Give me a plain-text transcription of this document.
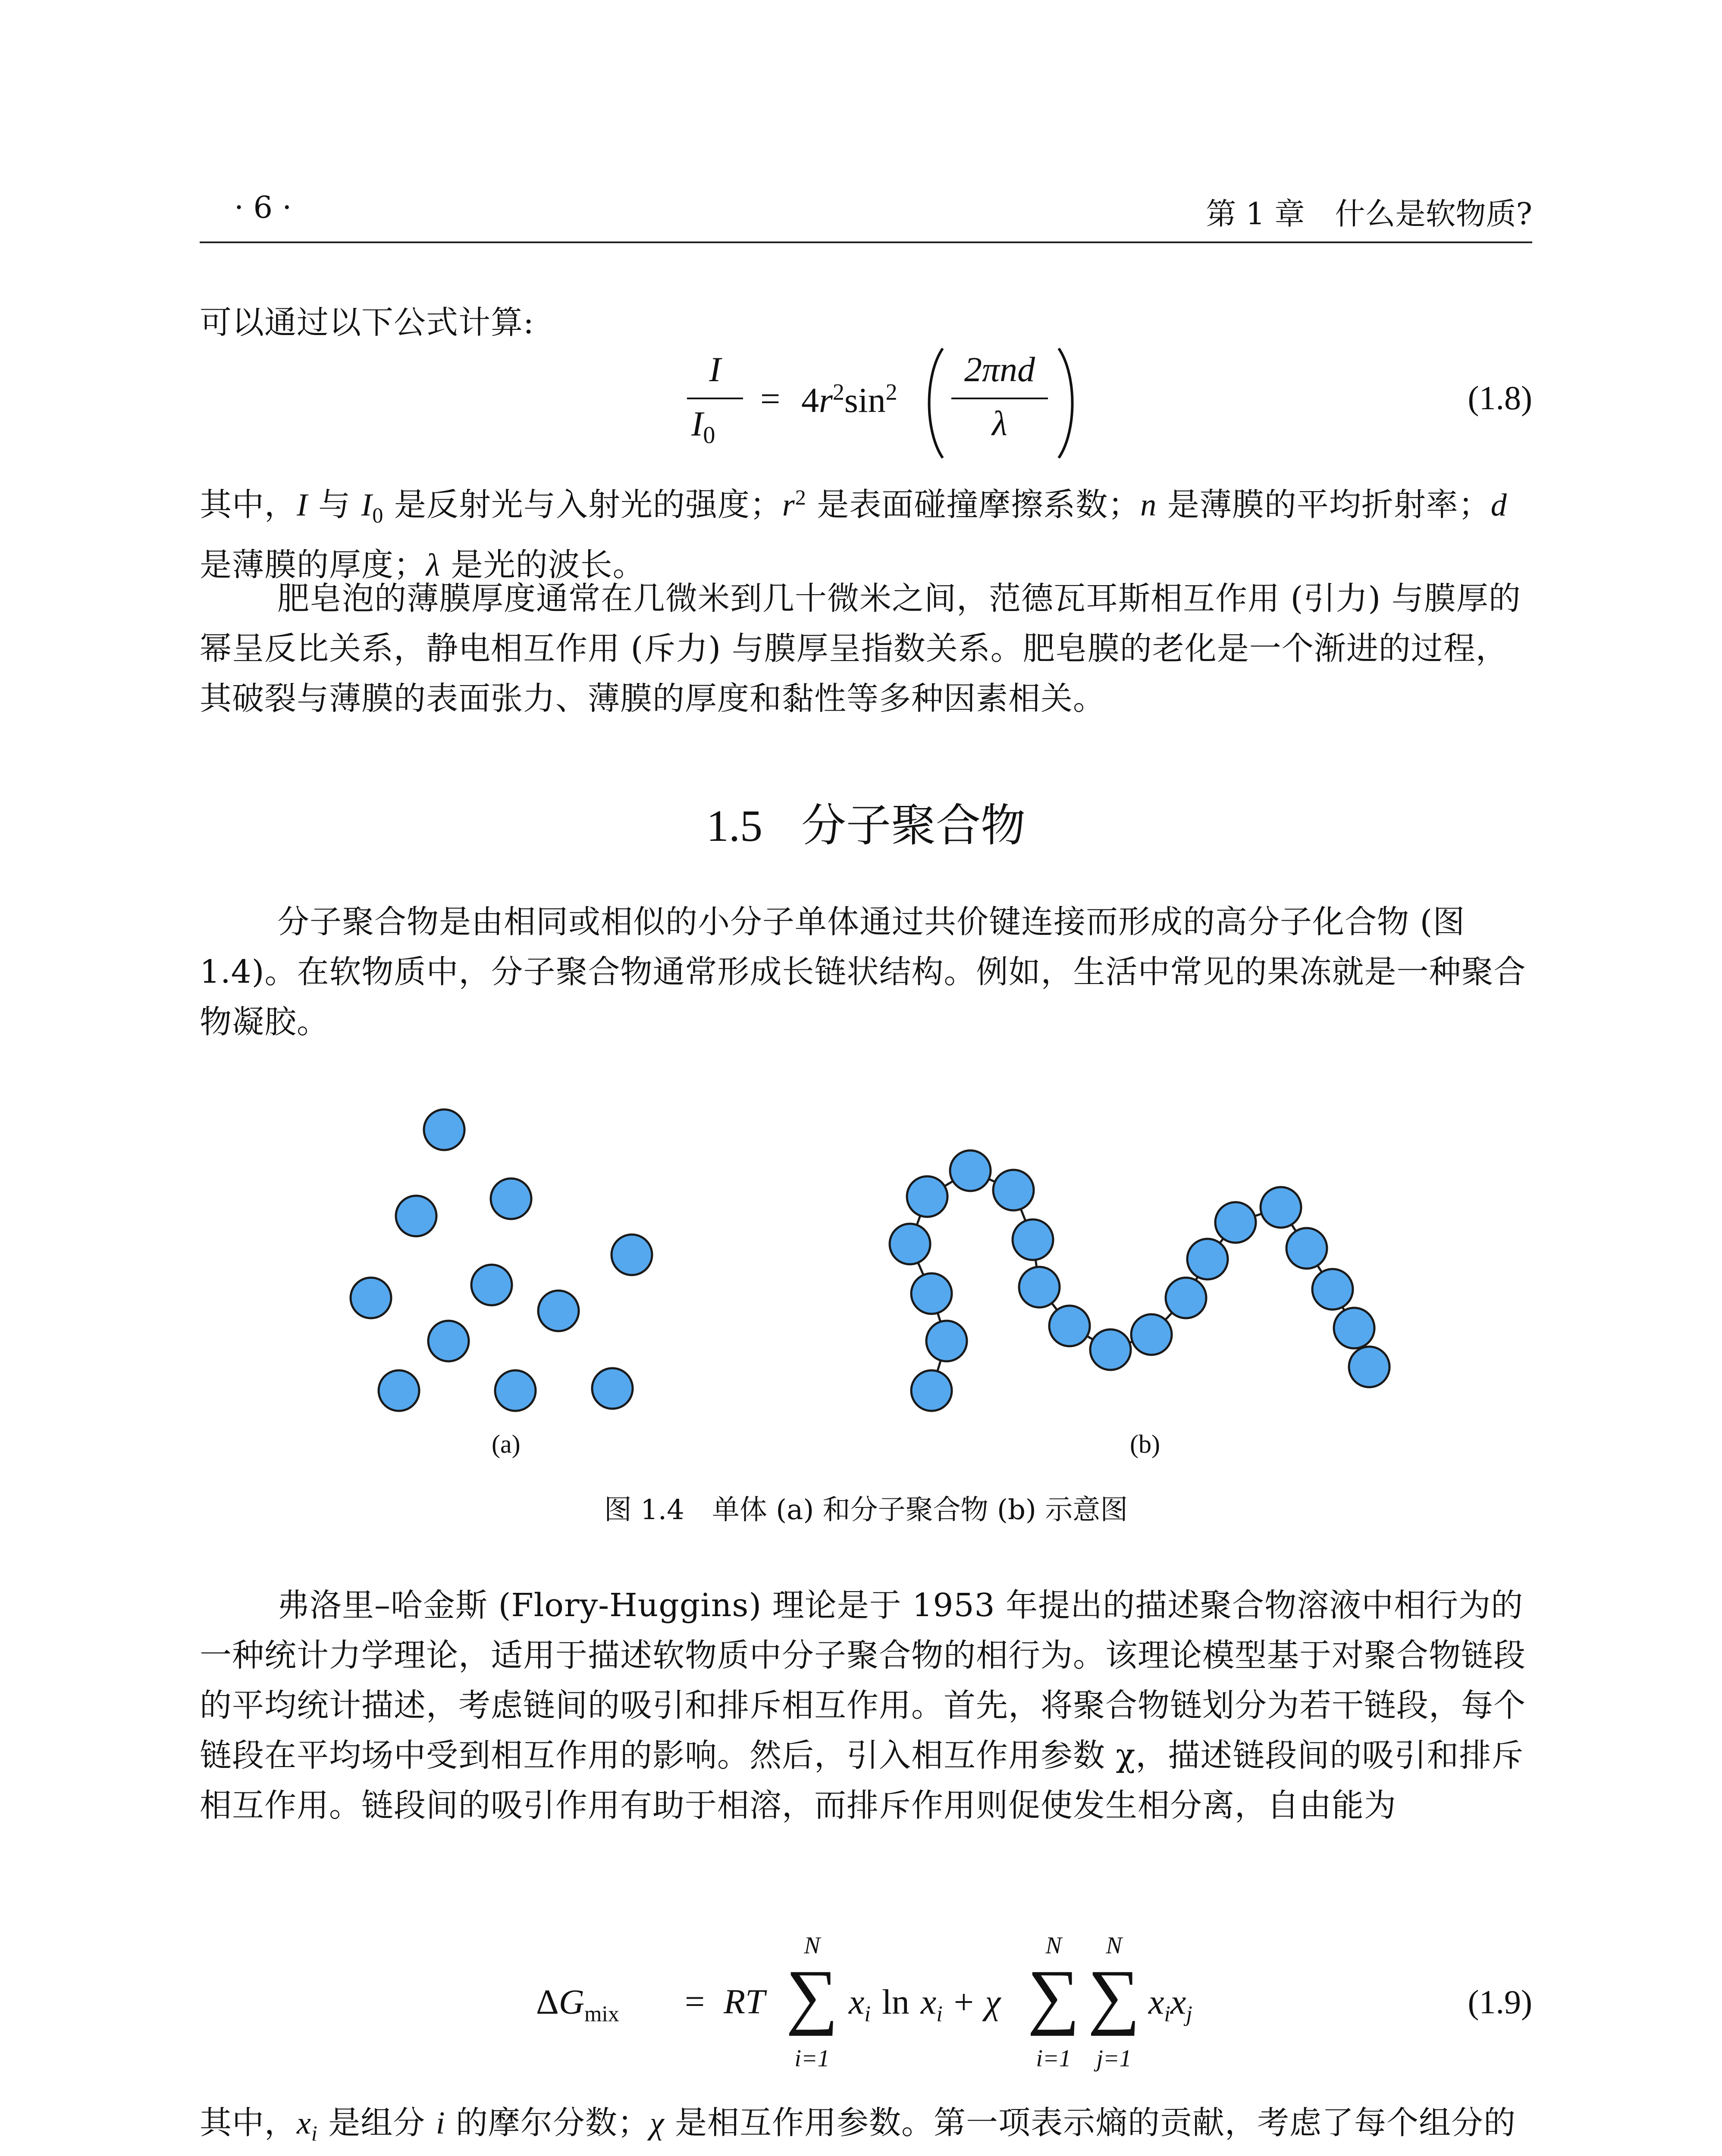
· 6 ·	第 1 章　什么是软物质?
可以通过以下公式计算:
I
$I_0$
= $4r^2\sin^2$
2πnd
λ
(1.8)
其中，I 与 $I_0$ 是反射光与入射光的强度；$r^2$ 是表面碰撞摩擦系数；n 是薄膜的平均折射率；d 是薄膜的厚度；λ 是光的波长。
肥皂泡的薄膜厚度通常在几微米到几十微米之间，范德瓦耳斯相互作用 (引力) 与膜厚的幂呈反比关系，静电相互作用 (斥力) 与膜厚呈指数关系。肥皂膜的老化是一个渐进的过程，其破裂与薄膜的表面张力、薄膜的厚度和黏性等多种因素相关。
1.5 分子聚合物
分子聚合物是由相同或相似的小分子单体通过共价键连接而形成的高分子化合物 (图 1.4)。在软物质中，分子聚合物通常形成长链状结构。例如，生活中常见的果冻就是一种聚合物凝胶。
(a)	(b)
图 1.4　单体 (a) 和分子聚合物 (b) 示意图
弗洛里–哈金斯 (Flory-Huggins) 理论是于 1953 年提出的描述聚合物溶液中相行为的一种统计力学理论，适用于描述软物质中分子聚合物的相行为。该理论模型基于对聚合物链段的平均统计描述，考虑链间的吸引和排斥相互作用。首先，将聚合物链划分为若干链段，每个链段在平均场中受到相互作用的影响。然后，引入相互作用参数 χ，描述链段间的吸引和排斥相互作用。链段间的吸引作用有助于相溶，而排斥作用则促使发生相分离，自由能为
$\Delta G_{mix}$ = RT
N
∑
i=1
$x_i$ $\ln x_i + \chi$
N
∑
i=1
N
∑
j=1
$x_ix_j$	(1.9)
其中，$x_i$ 是组分 i 的摩尔分数；χ 是相互作用参数。第一项表示熵的贡献，考虑了每个组分的
